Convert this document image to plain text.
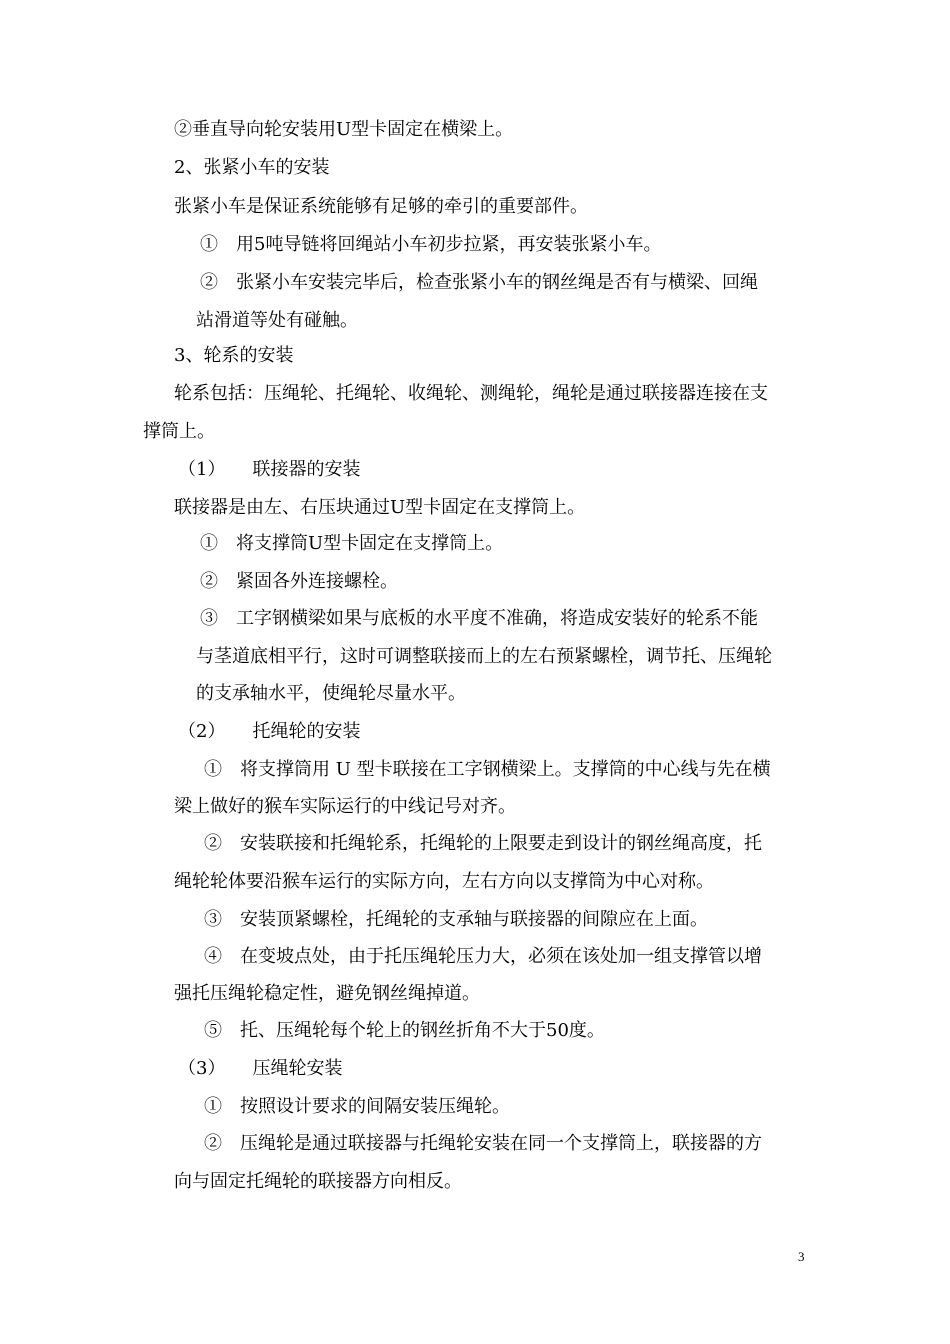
②垂直导向轮安装用U型卡固定在横梁上。
2、张紧小车的安装
张紧小车是保证系统能够有足够的牵引的重要部件。
①　用5吨导链将回绳站小车初步拉紧，再安装张紧小车。
②　张紧小车安装完毕后，检查张紧小车的钢丝绳是否有与横梁、回绳
站滑道等处有碰触。
3、轮系的安装
轮系包括：压绳轮、托绳轮、收绳轮、测绳轮，绳轮是通过联接器连接在支
撑筒上。
（1）　　联接器的安装
联接器是由左、右压块通过U型卡固定在支撑筒上。
①　将支撑筒U型卡固定在支撑筒上。
②　紧固各外连接螺栓。
③　工字钢横梁如果与底板的水平度不准确，将造成安装好的轮系不能
与茎道底相平行，这时可调整联接而上的左右预紧螺栓，调节托、压绳轮
的支承轴水平，使绳轮尽量水平。
（2）　　托绳轮的安装
①　将支撑筒用 U 型卡联接在工字钢横梁上。支撑筒的中心线与先在横
梁上做好的猴车实际运行的中线记号对齐。
②　安装联接和托绳轮系，托绳轮的上限要走到设计的钢丝绳高度，托
绳轮轮体要沿猴车运行的实际方向，左右方向以支撑筒为中心对称。
③　安装顶紧螺栓，托绳轮的支承轴与联接器的间隙应在上面。
④　在变坡点处，由于托压绳轮压力大，必须在该处加一组支撑管以增
强托压绳轮稳定性，避免钢丝绳掉道。
⑤　托、压绳轮每个轮上的钢丝折角不大于50度。
（3）　　压绳轮安装
①　按照设计要求的间隔安装压绳轮。
②　压绳轮是通过联接器与托绳轮安装在同一个支撑筒上，联接器的方
向与固定托绳轮的联接器方向相反。
3
